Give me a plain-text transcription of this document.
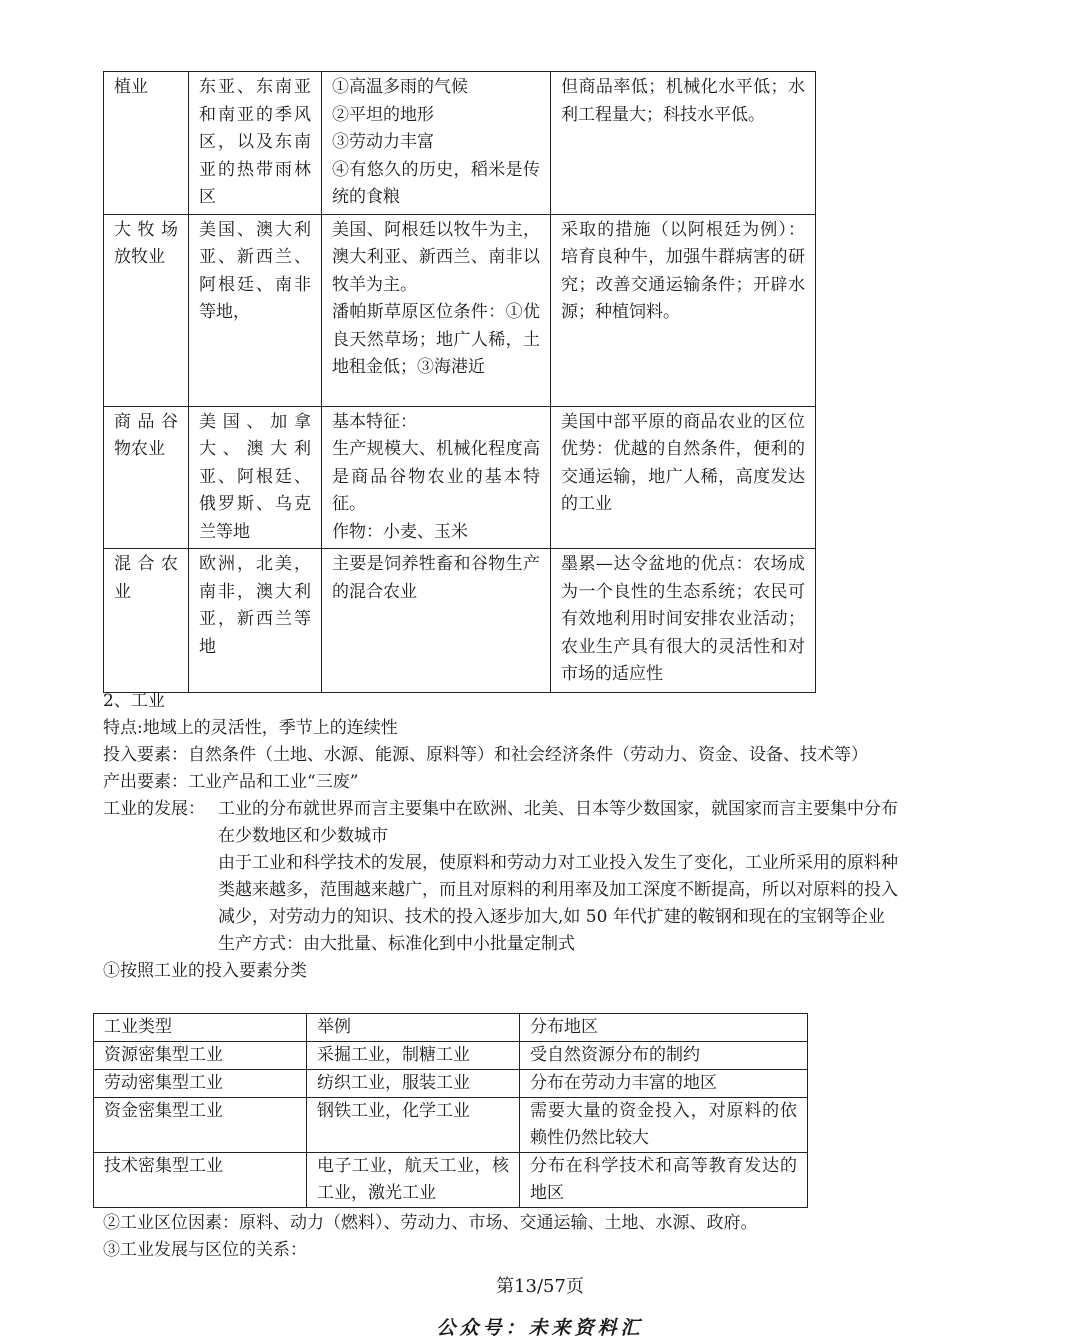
植业	东亚、东南亚和南亚的季风区，以及东南亚的热带雨林区	①高温多雨的气候
②平坦的地形
③劳动力丰富
④有悠久的历史，稻米是传统的食粮	但商品率低；机械化水平低；水利工程量大；科技水平低。
大牧场放牧业	美国、澳大利亚、新西兰、阿根廷、南非等地，	美国、阿根廷以牧牛为主，澳大利亚、新西兰、南非以牧羊为主。
潘帕斯草原区位条件：①优良天然草场；地广人稀，土地租金低；③海港近	采取的措施（以阿根廷为例）：培育良种牛，加强牛群病害的研究；改善交通运输条件；开辟水源；种植饲料。
商品谷物农业	美国、加拿大、澳大利亚、阿根廷、俄罗斯、乌克兰等地	基本特征：
生产规模大、机械化程度高是商品谷物农业的基本特征。
作物：小麦、玉米	美国中部平原的商品农业的区位优势：优越的自然条件，便利的交通运输，地广人稀，高度发达的工业
混合农业	欧洲，北美，南非，澳大利亚，新西兰等地	主要是饲养牲畜和谷物生产的混合农业	墨累—达令盆地的优点：农场成为一个良性的生态系统；农民可有效地利用时间安排农业活动；农业生产具有很大的灵活性和对市场的适应性
2、工业
特点:地域上的灵活性，季节上的连续性
投入要素：自然条件（土地、水源、能源、原料等）和社会经济条件（劳动力、资金、设备、技术等）
产出要素：工业产品和工业“三废”
工业的发展： 工业的分布就世界而言主要集中在欧洲、北美、日本等少数国家，就国家而言主要集中分布
在少数地区和少数城市
由于工业和科学技术的发展，使原料和劳动力对工业投入发生了变化，工业所采用的原料种
类越来越多，范围越来越广，而且对原料的利用率及加工深度不断提高，所以对原料的投入
减少，对劳动力的知识、技术的投入逐步加大,如 50 年代扩建的鞍钢和现在的宝钢等企业
生产方式：由大批量、标准化到中小批量定制式
①按照工业的投入要素分类
工业类型	举例	分布地区
资源密集型工业	采掘工业，制糖工业	受自然资源分布的制约
劳动密集型工业	纺织工业，服装工业	分布在劳动力丰富的地区
资金密集型工业	钢铁工业，化学工业	需要大量的资金投入，对原料的依赖性仍然比较大
技术密集型工业	电子工业，航天工业，核工业，激光工业	分布在科学技术和高等教育发达的地区
②工业区位因素：原料、动力（燃料）、劳动力、市场、交通运输、土地、水源、政府。
③工业发展与区位的关系：
第13/57页
公众号：未来资料汇
